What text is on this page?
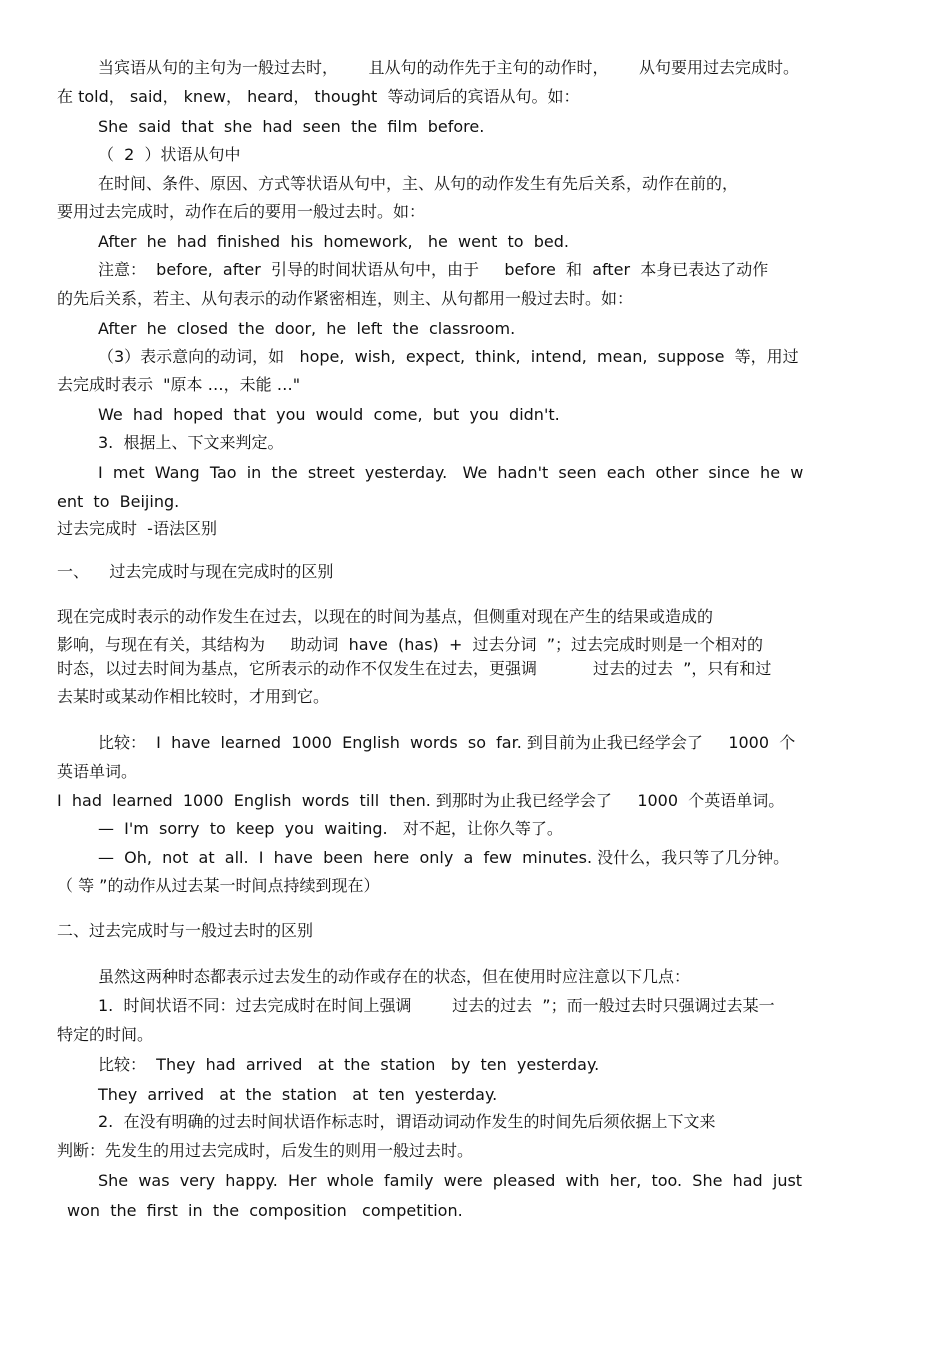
当宾语从句的主句为一般过去时，      且从句的动作先于主句的动作时，      从句要用过去完成时。
在 told， said， knew， heard， thought  等动词后的宾语从句。如：
She  said  that  she  had  seen  the  film  before.
（  2  ）状语从句中
在时间、条件、原因、方式等状语从句中，主、从句的动作发生有先后关系，动作在前的，
要用过去完成时，动作在后的要用一般过去时。如：
After  he  had  finished  his  homework,   he  went  to  bed.
注意：  before,  after  引导的时间状语从句中，由于     before  和  after  本身已表达了动作
的先后关系，若主、从句表示的动作紧密相连，则主、从句都用一般过去时。如：
After  he  closed  the  door,  he  left  the  classroom.
（3）表示意向的动词，如   hope,  wish,  expect,  think,  intend,  mean,  suppose  等，用过
去完成时表示  "原本 …，未能 …"
We  had  hoped  that  you  would  come,  but  you  didn't.
3.  根据上、下文来判定。
I  met  Wang  Tao  in  the  street  yesterday.   We  hadn't  seen  each  other  since  he  w
ent  to  Beijing.
过去完成时  -语法区别
一、    过去完成时与现在完成时的区别
现在完成时表示的动作发生在过去，以现在的时间为基点，但侧重对现在产生的结果或造成的
影响，与现在有关，其结构为     助动词  have  (has)  +  过去分词  ”；过去完成时则是一个相对的
时态，以过去时间为基点，它所表示的动作不仅发生在过去，更强调           过去的过去  ”，只有和过
去某时或某动作相比较时，才用到它。
比较：  I  have  learned  1000  English  words  so  far. 到目前为止我已经学会了     1000  个
英语单词。
I  had  learned  1000  English  words  till  then. 到那时为止我已经学会了     1000  个英语单词。
—  I'm  sorry  to  keep  you  waiting.   对不起，让你久等了。
—  Oh,  not  at  all.  I  have  been  here  only  a  few  minutes. 没什么，我只等了几分钟。
（ 等 ”的动作从过去某一时间点持续到现在）
二、过去完成时与一般过去时的区别
虽然这两种时态都表示过去发生的动作或存在的状态，但在使用时应注意以下几点：
1.  时间状语不同：过去完成时在时间上强调        过去的过去  ”；而一般过去时只强调过去某一
特定的时间。
比较：  They  had  arrived   at  the  station   by  ten  yesterday.
They  arrived   at  the  station   at  ten  yesterday.
2.  在没有明确的过去时间状语作标志时，谓语动词动作发生的时间先后须依据上下文来
判断：先发生的用过去完成时，后发生的则用一般过去时。
She  was  very  happy.  Her  whole  family  were  pleased  with  her,  too.  She  had  just
won  the  first  in  the  composition   competition.
